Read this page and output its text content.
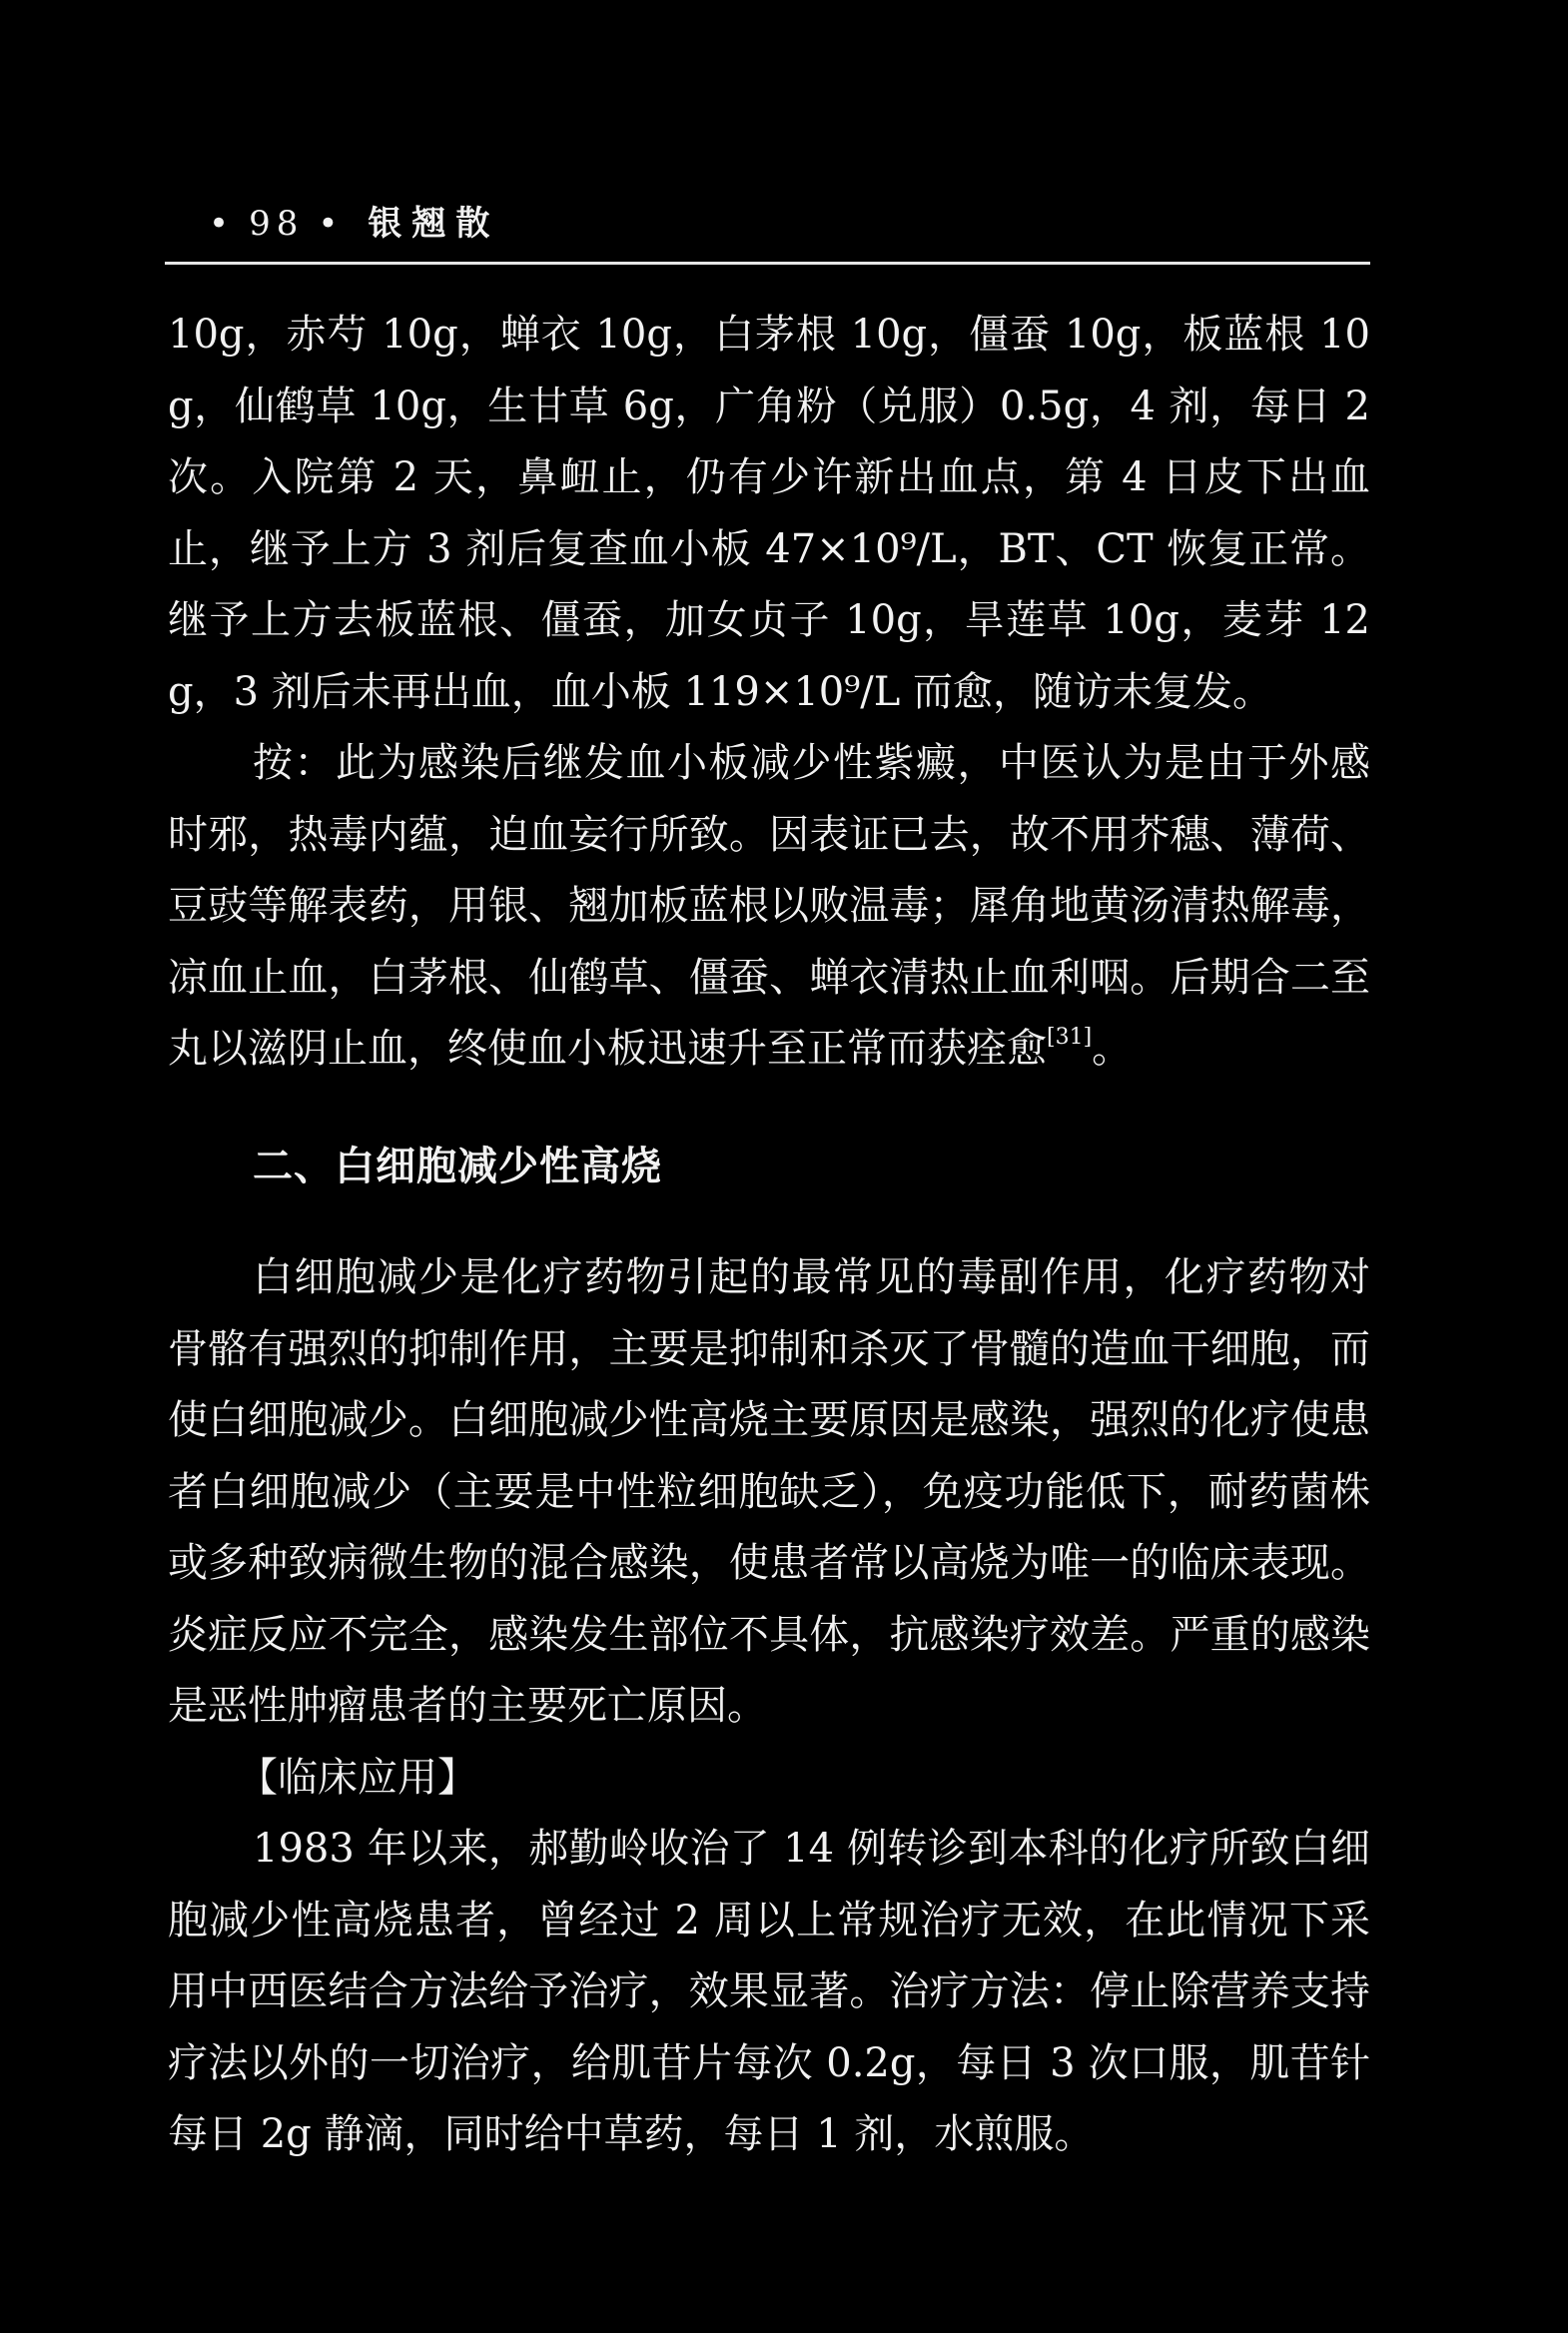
• 98 • 银翘散

10g，赤芍 10g，蝉衣 10g，白茅根 10g，僵蚕 10g，板蓝根 10g，仙鹤草 10g，生甘草 6g，广角粉（兑服）0.5g，4 剂，每日 2 次。入院第 2 天，鼻衄止，仍有少许新出血点，第 4 日皮下出血止，继予上方 3 剂后复查血小板 47×10⁹/L，BT、CT 恢复正常。继予上方去板蓝根、僵蚕，加女贞子 10g，旱莲草 10g，麦芽 12g，3 剂后未再出血，血小板 119×10⁹/L 而愈，随访未复发。

按：此为感染后继发血小板减少性紫癜，中医认为是由于外感时邪，热毒内蕴，迫血妄行所致。因表证已去，故不用芥穗、薄荷、豆豉等解表药，用银、翘加板蓝根以败温毒；犀角地黄汤清热解毒，凉血止血，白茅根、仙鹤草、僵蚕、蝉衣清热止血利咽。后期合二至丸以滋阴止血，终使血小板迅速升至正常而获痊愈[31]。

二、白细胞减少性高烧

白细胞减少是化疗药物引起的最常见的毒副作用，化疗药物对骨骼有强烈的抑制作用，主要是抑制和杀灭了骨髓的造血干细胞，而使白细胞减少。白细胞减少性高烧主要原因是感染，强烈的化疗使患者白细胞减少（主要是中性粒细胞缺乏），免疫功能低下，耐药菌株或多种致病微生物的混合感染，使患者常以高烧为唯一的临床表现。炎症反应不完全，感染发生部位不具体，抗感染疗效差。严重的感染是恶性肿瘤患者的主要死亡原因。

【临床应用】

1983 年以来，郝勤岭收治了 14 例转诊到本科的化疗所致白细胞减少性高烧患者，曾经过 2 周以上常规治疗无效，在此情况下采用中西医结合方法给予治疗，效果显著。治疗方法：停止除营养支持疗法以外的一切治疗，给肌苷片每次 0.2g，每日 3 次口服，肌苷针每日 2g 静滴，同时给中草药，每日 1 剂，水煎服。
